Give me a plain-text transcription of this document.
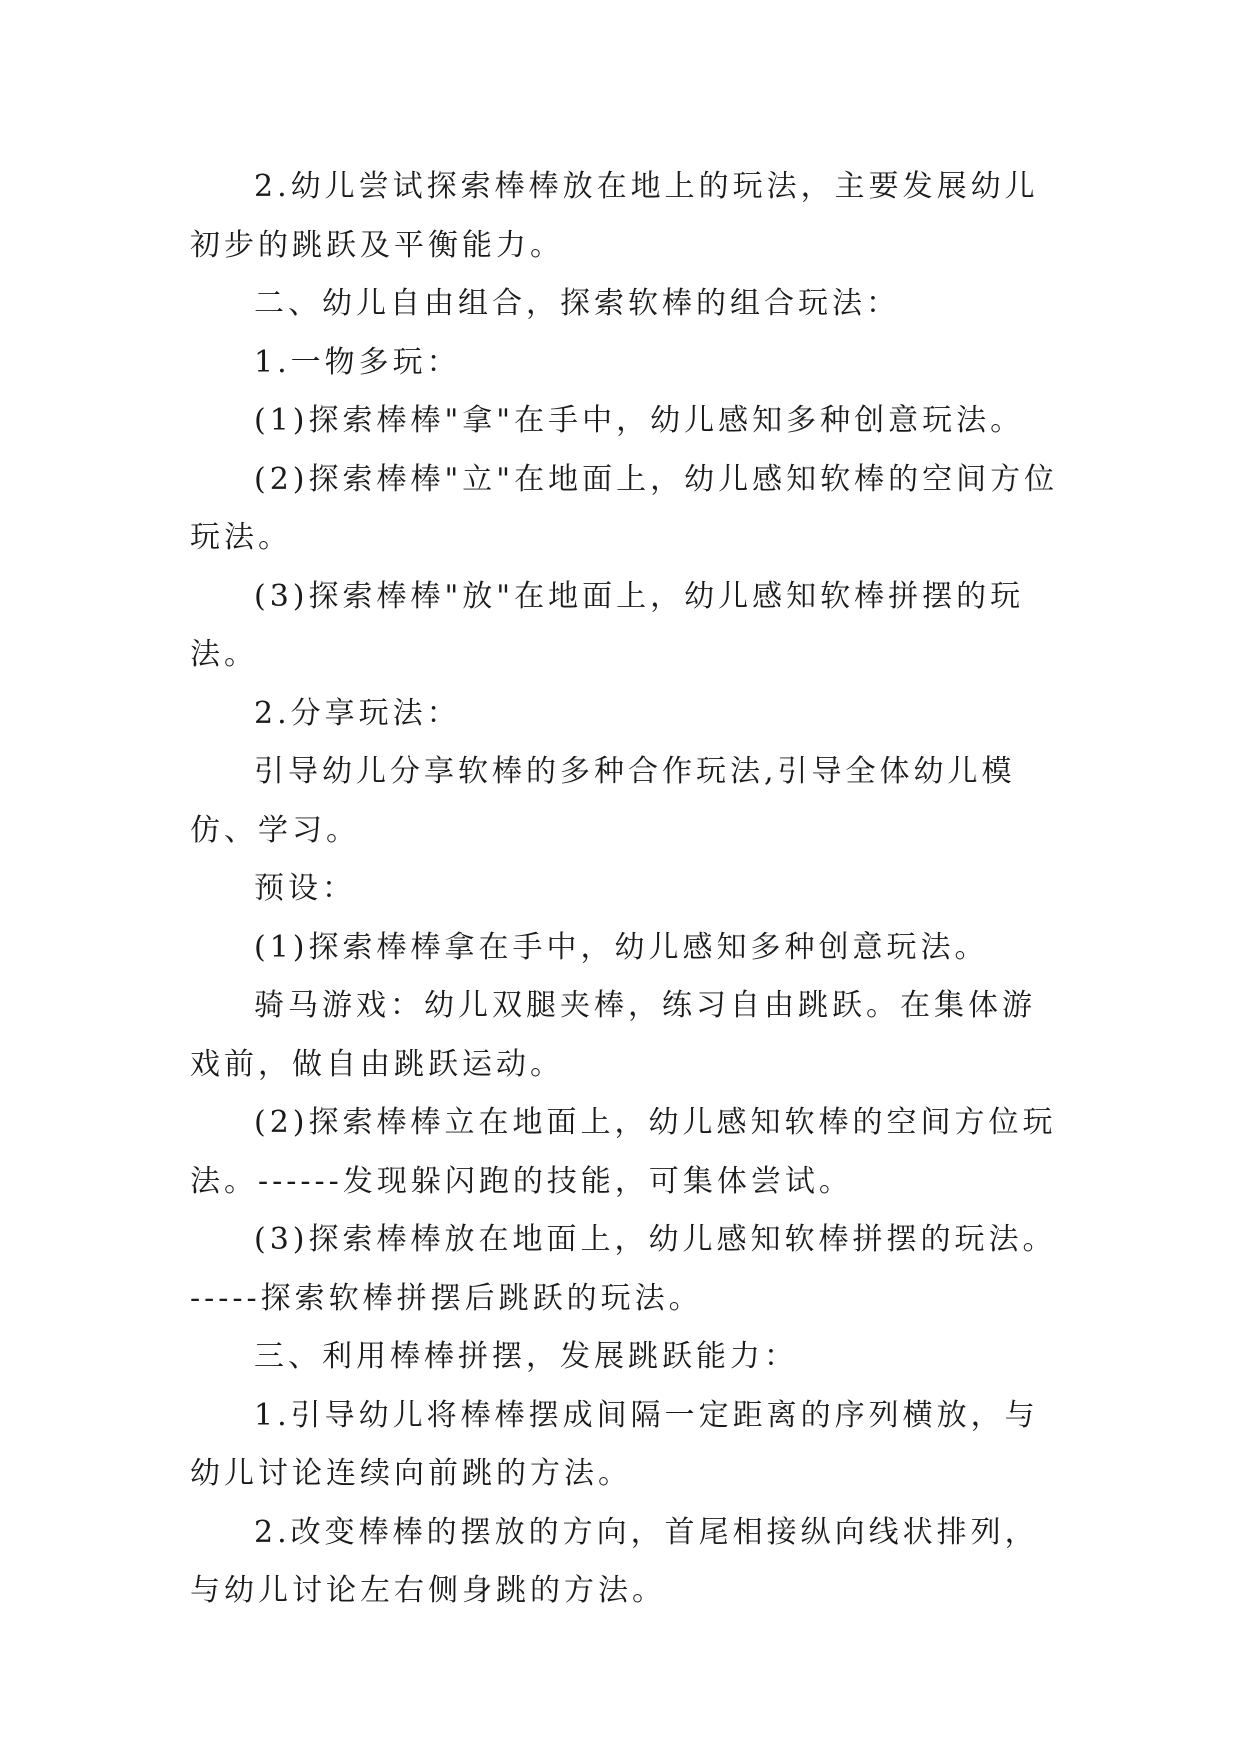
2.幼儿尝试探索棒棒放在地上的玩法，主要发展幼儿初步的跳跃及平衡能力。

二、幼儿自由组合，探索软棒的组合玩法：

1.一物多玩：

(1)探索棒棒"拿"在手中，幼儿感知多种创意玩法。

(2)探索棒棒"立"在地面上，幼儿感知软棒的空间方位玩法。

(3)探索棒棒"放"在地面上，幼儿感知软棒拼摆的玩法。

2.分享玩法：

引导幼儿分享软棒的多种合作玩法,引导全体幼儿模仿、学习。

预设：

(1)探索棒棒拿在手中，幼儿感知多种创意玩法。

骑马游戏：幼儿双腿夹棒，练习自由跳跃。在集体游戏前，做自由跳跃运动。

(2)探索棒棒立在地面上，幼儿感知软棒的空间方位玩法。------发现躲闪跑的技能，可集体尝试。

(3)探索棒棒放在地面上，幼儿感知软棒拼摆的玩法。-----探索软棒拼摆后跳跃的玩法。

三、利用棒棒拼摆，发展跳跃能力：

1.引导幼儿将棒棒摆成间隔一定距离的序列横放，与幼儿讨论连续向前跳的方法。

2.改变棒棒的摆放的方向，首尾相接纵向线状排列，与幼儿讨论左右侧身跳的方法。
